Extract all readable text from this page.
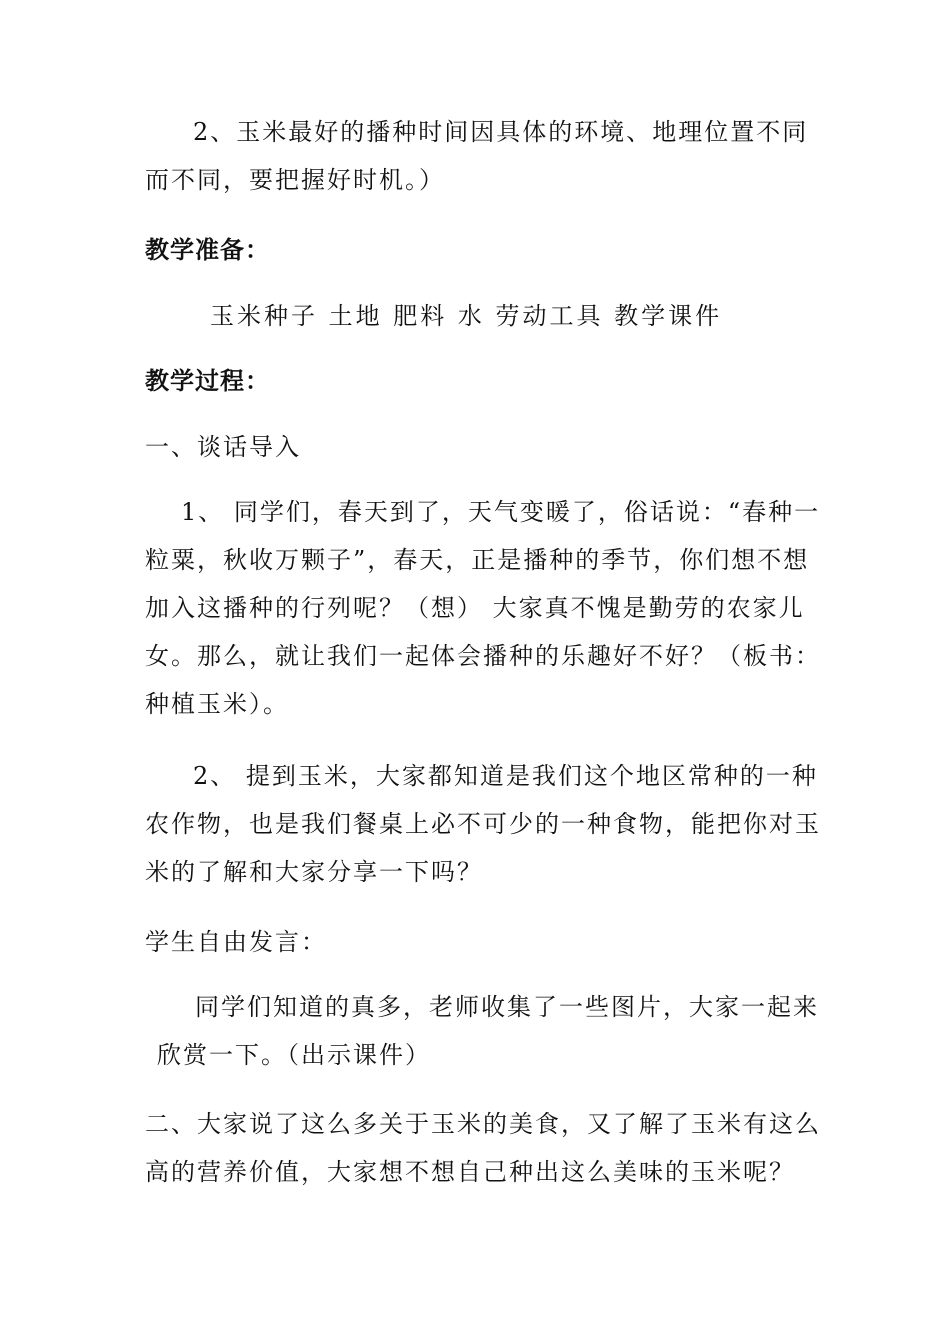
2、玉米最好的播种时间因具体的环境、地理位置不同
而不同，要把握好时机。）

教学准备：

玉米种子 土地 肥料 水 劳动工具 教学课件

教学过程：

一、谈话导入

1、 同学们，春天到了，天气变暖了，俗话说：“春种一
粒粟，秋收万颗子”，春天，正是播种的季节，你们想不想
加入这播种的行列呢？（想） 大家真不愧是勤劳的农家儿
女。那么，就让我们一起体会播种的乐趣好不好？（板书：
种植玉米）。

2、 提到玉米，大家都知道是我们这个地区常种的一种
农作物，也是我们餐桌上必不可少的一种食物，能把你对玉
米的了解和大家分享一下吗？

学生自由发言：

同学们知道的真多，老师收集了一些图片，大家一起来
欣赏一下。（出示课件）

二、大家说了这么多关于玉米的美食，又了解了玉米有这么
高的营养价值，大家想不想自己种出这么美味的玉米呢？
